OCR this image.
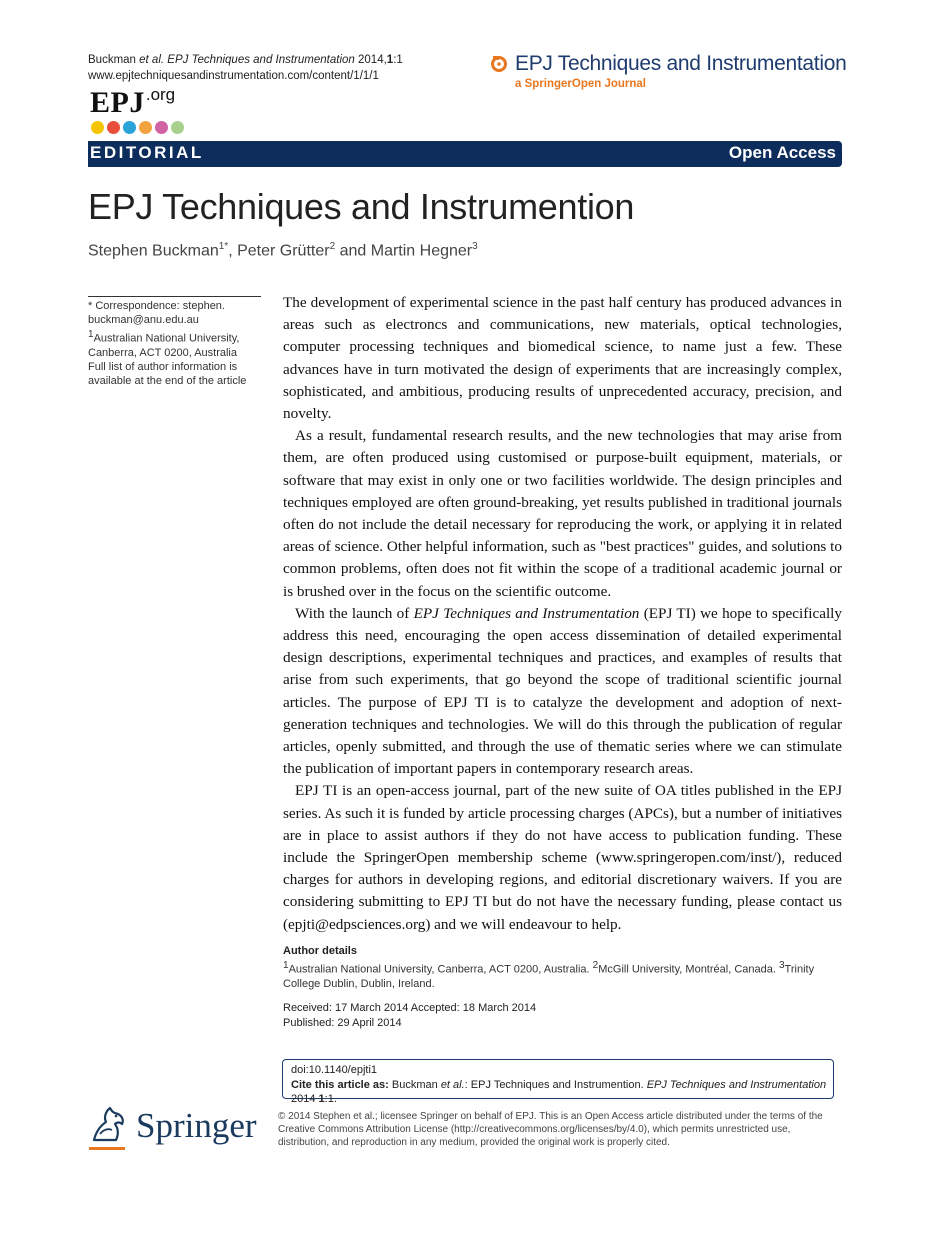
Buckman et al. EPJ Techniques and Instrumentation 2014,1:1
www.epjtechniquesandinstrumentation.com/content/1/1/1
EPJ.org
EPJ Techniques and Instrumentation
a SpringerOpen Journal
EDITORIAL	Open Access
EPJ Techniques and Instrumention
Stephen Buckman$^{1*}$, Peter Grütter$^2$ and Martin Hegner$^3$
* Correspondence: stephen. buckman@anu.edu.au
$^1$Australian National University, Canberra, ACT 0200, Australia
Full list of author information is available at the end of the article

The development of experimental science in the past half century has produced advances in areas such as electroncs and communications, new materials, optical technologies, computer processing techniques and biomedical science, to name just a few. These advances have in turn motivated the design of experiments that are increasingly complex, sophisticated, and ambitious, producing results of unprecedented accuracy, precision, and novelty.

As a result, fundamental research results, and the new technologies that may arise from them, are often produced using customised or purpose-built equipment, materials, or software that may exist in only one or two facilities worldwide. The design principles and techniques employed are often ground-breaking, yet results published in traditional journals often do not include the detail necessary for reproducing the work, or applying it in related areas of science. Other helpful information, such as "best practices" guides, and solutions to common problems, often does not fit within the scope of a traditional academic journal or is brushed over in the focus on the scientific outcome.

With the launch of EPJ Techniques and Instrumentation (EPJ TI) we hope to specifically address this need, encouraging the open access dissemination of detailed experimental design descriptions, experimental techniques and practices, and examples of results that arise from such experiments, that go beyond the scope of traditional scientific journal articles. The purpose of EPJ TI is to catalyze the development and adoption of next-generation techniques and technologies. We will do this through the publication of regular articles, openly submitted, and through the use of thematic series where we can stimulate the publication of important papers in contemporary research areas.

EPJ TI is an open-access journal, part of the new suite of OA titles published in the EPJ series. As such it is funded by article processing charges (APCs), but a number of initiatives are in place to assist authors if they do not have access to publication funding. These include the SpringerOpen membership scheme (www.springeropen.com/inst/), reduced charges for authors in developing regions, and editorial discretionary waivers. If you are considering submitting to EPJ TI but do not have the necessary funding, please contact us (epjti@edpsciences.org) and we will endeavour to help.

Author details
$^1$Australian National University, Canberra, ACT 0200, Australia. $^2$McGill University, Montréal, Canada. $^3$Trinity College Dublin, Dublin, Ireland.
Received: 17 March 2014 Accepted: 18 March 2014
Published: 29 April 2014
doi:10.1140/epjti1
Cite this article as: Buckman et al.: EPJ Techniques and Instrumention. EPJ Techniques and Instrumentation 2014 1:1.
Springer © 2014 Stephen et al.; licensee Springer on behalf of EPJ. This is an Open Access article distributed under the terms of the Creative Commons Attribution License (http://creativecommons.org/licenses/by/4.0), which permits unrestricted use, distribution, and reproduction in any medium, provided the original work is properly cited.
